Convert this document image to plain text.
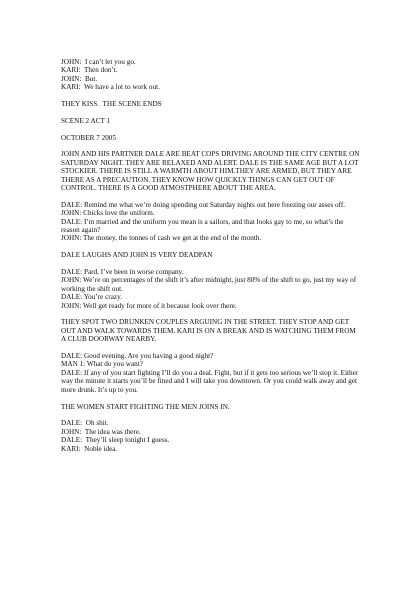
JOHN:  I can’t let you go.
KARI:  Then don’t.
JOHN:  But.
KARI:  We have a lot to work out.
THEY KISS.  THE SCENE ENDS
SCENE 2 ACT 1
OCTOBER 7 2005
JOHN AND HIS PARTNER DALE ARE BEAT COPS DRIVING AROUND THE CITY CENTRE ON SATURDAY NIGHT. THEY ARE RELAXED AND ALERT. DALE IS THE SAME AGE BUT A LOT STOCKIER. THERE IS STILL A WARMTH ABOUT HIM.THEY ARE ARMED, BUT THEY ARE THERE AS A PRECAUTION. THEY KNOW HOW QUICKLY THINGS CAN GET OUT OF CONTROL. THERE IS A GOOD ATMOSTPHERE ABOUT THE AREA.
DALE: Remind me what we’re doing spending out Saturday nights out here freezing our asses off.
JOHN: Chicks love the uniform.
DALE: I’m married and the uniform you mean is a sailors, and that looks gay to me, so what’s the reason again?
JOHN: The money, the tonnes of cash we get at the end of the month.
DALE LAUGHS AND JOHN IS VERY DEADPAN
DALE: Pard, I’ve been in worse company.
JOHN: We’re on percentages of the shift it’s after midnight, just 80% of the shift to go, just my way of working the shift out.
DALE: You’re crazy.
JOHN: Well get ready for more of it because look over there.
THEY SPOT TWO DRUNKEN COUPLES ARGUING IN THE STREET. THEY STOP AND GET OUT AND WALK TOWARDS THEM. KARI IS ON A BREAK AND IS WATCHING THEM FROM A CLUB DOORWAY NEARBY.
DALE: Good evening. Are you having a good night?
MAN 1: What do you want?
DALE: If any of you start fighting I’ll do you a deal. Fight, but if it gets too serious we’ll stop it. Either way the minute it starts you’ll be fined and I will take you downtown. Or you could walk away and get more drunk. It’s up to you.
THE WOMEN START FIGHTING THE MEN JOINS IN.
DALE:  Oh shit.
JOHN:  The idea was there.
DALE:  They’ll sleep tonight I guess.
KARI:  Noble idea.
